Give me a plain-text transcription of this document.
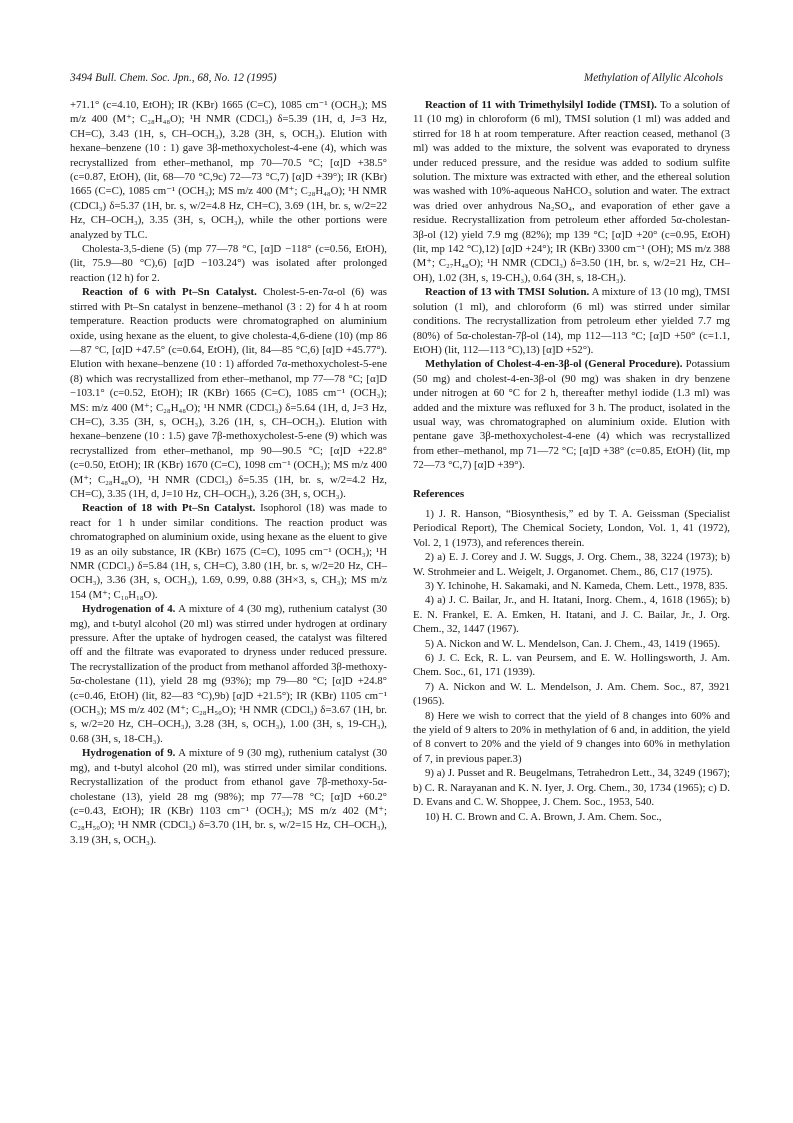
3494 Bull. Chem. Soc. Jpn., 68, No. 12 (1995)	Methylation of Allylic Alcohols

+71.1° (c=4.10, EtOH); IR (KBr) 1665 (C=C), 1085 cm⁻¹ (OCH₃); MS m/z 400 (M⁺; C₂₈H₄₈O); ¹H NMR (CDCl₃) δ=5.39 (1H, d, J=3 Hz, CH=C), 3.43 (1H, s, CH–OCH₃), 3.28 (3H, s, OCH₃). Elution with hexane–benzene (10 : 1) gave 3β-methoxycholest-4-ene (4), which was recrystallized from ether–methanol, mp 70—70.5 °C; [α]D +38.5° (c=0.87, EtOH), (lit, 68—70 °C,9c) 72—73 °C,7) [α]D +39°); IR (KBr) 1665 (C=C), 1085 cm⁻¹ (OCH₃); MS m/z 400 (M⁺; C₂₈H₄₈O); ¹H NMR (CDCl₃) δ=5.37 (1H, br. s, w/2=4.8 Hz, CH=C), 3.69 (1H, br. s, w/2=22 Hz, CH–OCH₃), 3.35 (3H, s, OCH₃), while the other portions were analyzed by TLC.

Cholesta-3,5-diene (5) (mp 77—78 °C, [α]D −118° (c=0.56, EtOH), (lit, 75.9—80 °C),6) [α]D −103.24°) was isolated after prolonged reaction (12 h) for 2.

Reaction of 6 with Pt–Sn Catalyst. Cholest-5-en-7α-ol (6) was stirred with Pt–Sn catalyst in benzene–methanol (3 : 2) for 4 h at room temperature. Reaction products were chromatographed on aluminium oxide, using hexane as the eluent, to give cholesta-4,6-diene (10) (mp 86—87 °C, [α]D +47.5° (c=0.64, EtOH), (lit, 84—85 °C,6) [α]D +45.77°). Elution with hexane–benzene (10 : 1) afforded 7α-methoxycholest-5-ene (8) which was recrystallized from ether–methanol, mp 77—78 °C; [α]D −103.1° (c=0.52, EtOH); IR (KBr) 1665 (C=C), 1085 cm⁻¹ (OCH₃); MS: m/z 400 (M⁺; C₂₈H₄₈O); ¹H NMR (CDCl₃) δ=5.64 (1H, d, J=3 Hz, CH=C), 3.35 (3H, s, OCH₃), 3.26 (1H, s, CH–OCH₃). Elution with hexane–benzene (10 : 1.5) gave 7β-methoxycholest-5-ene (9) which was recrystallized from ether–methanol, mp 90—90.5 °C; [α]D +22.8° (c=0.50, EtOH); IR (KBr) 1670 (C=C), 1098 cm⁻¹ (OCH₃); MS m/z 400 (M⁺; C₂₈H₄₈O), ¹H NMR (CDCl₃) δ=5.35 (1H, br. s, w/2=4.2 Hz, CH=C), 3.35 (1H, d, J=10 Hz, CH–OCH₃), 3.26 (3H, s, OCH₃).

Reaction of 18 with Pt–Sn Catalyst. Isophorol (18) was made to react for 1 h under similar conditions. The reaction product was chromatographed on aluminium oxide, using hexane as the eluent to give 19 as an oily substance, IR (KBr) 1675 (C=C), 1095 cm⁻¹ (OCH₃); ¹H NMR (CDCl₃) δ=5.84 (1H, s, CH=C), 3.80 (1H, br. s, w/2=20 Hz, CH–OCH₃), 3.36 (3H, s, OCH₃), 1.69, 0.99, 0.88 (3H×3, s, CH₃); MS m/z 154 (M⁺; C₁₀H₁₈O).

Hydrogenation of 4. A mixture of 4 (30 mg), ruthenium catalyst (30 mg), and t-butyl alcohol (20 ml) was stirred under hydrogen at ordinary pressure. After the uptake of hydrogen ceased, the catalyst was filtered off and the filtrate was evaporated to dryness under reduced pressure. The recrystallization of the product from methanol afforded 3β-methoxy-5α-cholestane (11), yield 28 mg (93%); mp 79—80 °C; [α]D +24.8° (c=0.46, EtOH) (lit, 82—83 °C),9b) [α]D +21.5°); IR (KBr) 1105 cm⁻¹ (OCH₃); MS m/z 402 (M⁺; C₂₈H₅₀O); ¹H NMR (CDCl₃) δ=3.67 (1H, br. s, w/2=20 Hz, CH–OCH₃), 3.28 (3H, s, OCH₃), 1.00 (3H, s, 19-CH₃), 0.68 (3H, s, 18-CH₃).

Hydrogenation of 9. A mixture of 9 (30 mg), ruthenium catalyst (30 mg), and t-butyl alcohol (20 ml), was stirred under similar conditions. Recrystallization of the product from ethanol gave 7β-methoxy-5α-cholestane (13), yield 28 mg (98%); mp 77—78 °C; [α]D +60.2° (c=0.43, EtOH); IR (KBr) 1103 cm⁻¹ (OCH₃); MS m/z 402 (M⁺; C₂₈H₅₀O); ¹H NMR (CDCl₃) δ=3.70 (1H, br. s, w/2=15 Hz, CH–OCH₃), 3.19 (3H, s, OCH₃).

Reaction of 11 with Trimethylsilyl Iodide (TMSI). To a solution of 11 (10 mg) in chloroform (6 ml), TMSI solution (1 ml) was added and stirred for 18 h at room temperature. After reaction ceased, methanol (3 ml) was added to the mixture, the solvent was evaporated to dryness under reduced pressure, and the residue was added to sodium sulfite solution. The mixture was extracted with ether, and the ethereal solution was washed with 10%-aqueous NaHCO₃ solution and water. The extract was dried over anhydrous Na₂SO₄, and evaporation of ether gave a residue. Recrystallization from petroleum ether afforded 5α-cholestan-3β-ol (12) yield 7.9 mg (82%); mp 139 °C; [α]D +20° (c=0.95, EtOH) (lit, mp 142 °C),12) [α]D +24°); IR (KBr) 3300 cm⁻¹ (OH); MS m/z 388 (M⁺; C₂₇H₄₈O); ¹H NMR (CDCl₃) δ=3.50 (1H, br. s, w/2=21 Hz, CH–OH), 1.02 (3H, s, 19-CH₃), 0.64 (3H, s, 18-CH₃).

Reaction of 13 with TMSI Solution. A mixture of 13 (10 mg), TMSI solution (1 ml), and chloroform (6 ml) was stirred under similar conditions. The recrystallization from petroleum ether yielded 7.7 mg (80%) of 5α-cholestan-7β-ol (14), mp 112—113 °C; [α]D +50° (c=1.1, EtOH) (lit, 112—113 °C),13) [α]D +52°).

Methylation of Cholest-4-en-3β-ol (General Procedure). Potassium (50 mg) and cholest-4-en-3β-ol (90 mg) was shaken in dry benzene under nitrogen at 60 °C for 2 h, thereafter methyl iodide (1.3 ml) was added and the mixture was refluxed for 3 h. The product, isolated in the usual way, was chromatographed on aluminium oxide. Elution with pentane gave 3β-methoxycholest-4-ene (4) which was recrystallized from ether–methanol, mp 71—72 °C; [α]D +38° (c=0.85, EtOH) (lit, mp 72—73 °C,7) [α]D +39°).

References

1) J. R. Hanson, “Biosynthesis,” ed by T. A. Geissman (Specialist Periodical Report), The Chemical Society, London, Vol. 1, 41 (1972), Vol. 2, 1 (1973), and references therein.

2) a) E. J. Corey and J. W. Suggs, J. Org. Chem., 38, 3224 (1973); b) W. Strohmeier and L. Weigelt, J. Organomet. Chem., 86, C17 (1975).

3) Y. Ichinohe, H. Sakamaki, and N. Kameda, Chem. Lett., 1978, 835.

4) a) J. C. Bailar, Jr., and H. Itatani, Inorg. Chem., 4, 1618 (1965); b) E. N. Frankel, E. A. Emken, H. Itatani, and J. C. Bailar, Jr., J. Org. Chem., 32, 1447 (1967).

5) A. Nickon and W. L. Mendelson, Can. J. Chem., 43, 1419 (1965).

6) J. C. Eck, R. L. van Peursem, and E. W. Hollingsworth, J. Am. Chem. Soc., 61, 171 (1939).

7) A. Nickon and W. L. Mendelson, J. Am. Chem. Soc., 87, 3921 (1965).

8) Here we wish to correct that the yield of 8 changes into 60% and the yield of 9 alters to 20% in methylation of 6 and, in addition, the yield of 8 convert to 20% and the yield of 9 changes into 60% in methylation of 7, in previous paper.3)

9) a) J. Pusset and R. Beugelmans, Tetrahedron Lett., 34, 3249 (1967); b) C. R. Narayanan and K. N. Iyer, J. Org. Chem., 30, 1734 (1965); c) D. D. Evans and C. W. Shoppee, J. Chem. Soc., 1953, 540.

10) H. C. Brown and C. A. Brown, J. Am. Chem. Soc.,
